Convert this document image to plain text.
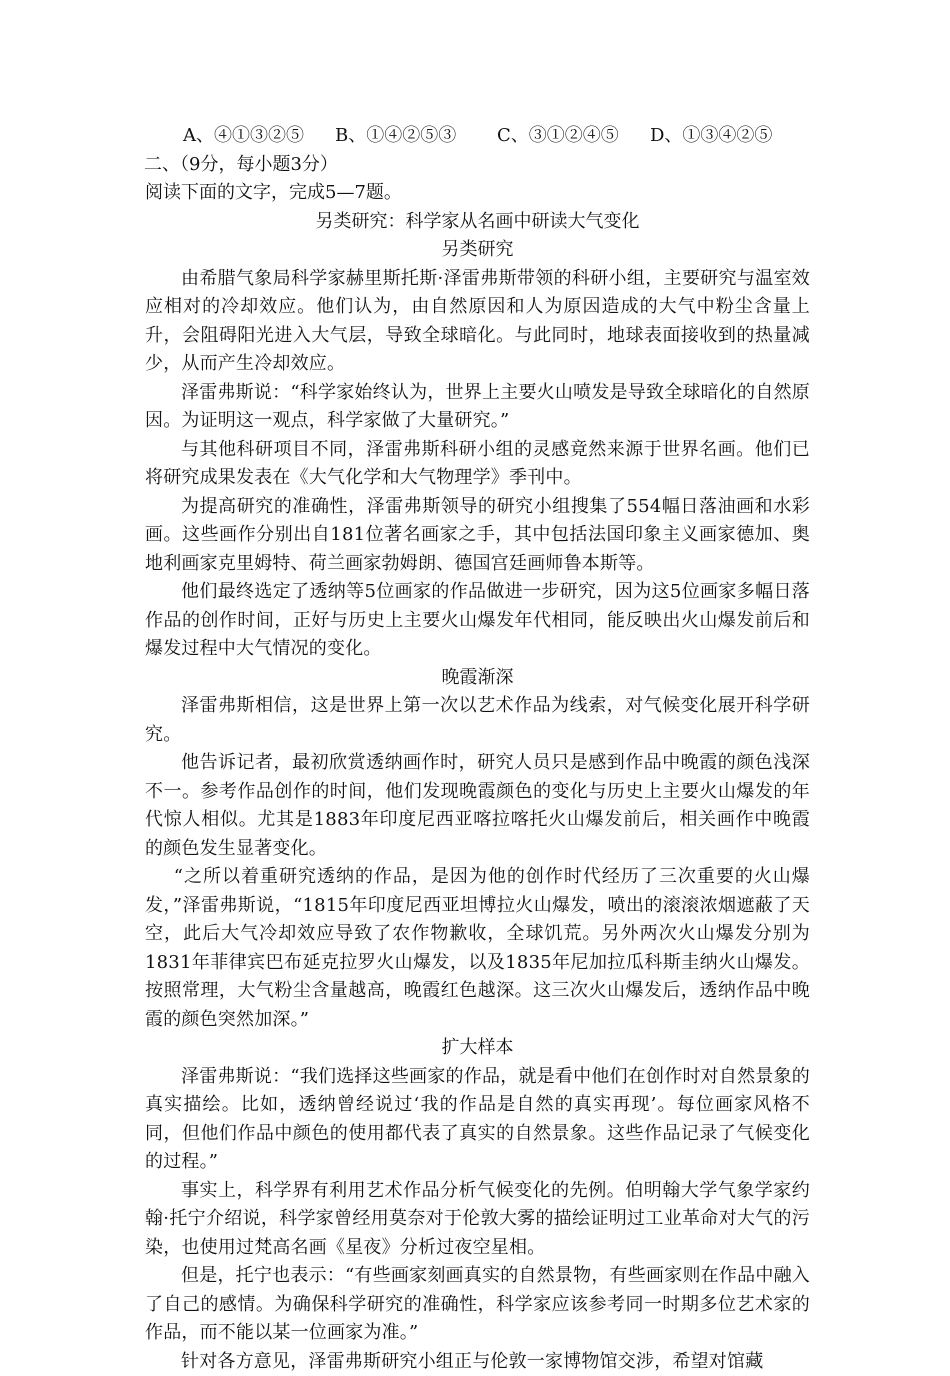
A、④①③②⑤ B、①④②⑤③ C、③①②④⑤ D、①③④②⑤
二、（9分，每小题3分）
阅读下面的文字，完成5—7题。
另类研究：科学家从名画中研读大气变化
另类研究

由希腊气象局科学家赫里斯托斯·泽雷弗斯带领的科研小组，主要研究与温室效应相对的冷却效应。他们认为，由自然原因和人为原因造成的大气中粉尘含量上升，会阻碍阳光进入大气层，导致全球暗化。与此同时，地球表面接收到的热量减少，从而产生冷却效应。

泽雷弗斯说：“科学家始终认为，世界上主要火山喷发是导致全球暗化的自然原因。为证明这一观点，科学家做了大量研究。”

与其他科研项目不同，泽雷弗斯科研小组的灵感竟然来源于世界名画。他们已将研究成果发表在《大气化学和大气物理学》季刊中。

为提高研究的准确性，泽雷弗斯领导的研究小组搜集了554幅日落油画和水彩画。这些画作分别出自181位著名画家之手，其中包括法国印象主义画家德加、奥地利画家克里姆特、荷兰画家勃姆朗、德国宫廷画师鲁本斯等。

他们最终选定了透纳等5位画家的作品做进一步研究，因为这5位画家多幅日落作品的创作时间，正好与历史上主要火山爆发年代相同，能反映出火山爆发前后和爆发过程中大气情况的变化。

晚霞渐深

泽雷弗斯相信，这是世界上第一次以艺术作品为线索，对气候变化展开科学研究。

他告诉记者，最初欣赏透纳画作时，研究人员只是感到作品中晚霞的颜色浅深不一。参考作品创作的时间，他们发现晚霞颜色的变化与历史上主要火山爆发的年代惊人相似。尤其是1883年印度尼西亚喀拉喀托火山爆发前后，相关画作中晚霞的颜色发生显著变化。

“之所以着重研究透纳的作品，是因为他的创作时代经历了三次重要的火山爆发，”泽雷弗斯说，“1815年印度尼西亚坦博拉火山爆发，喷出的滚滚浓烟遮蔽了天空，此后大气冷却效应导致了农作物歉收，全球饥荒。另外两次火山爆发分别为1831年菲律宾巴布延克拉罗火山爆发，以及1835年尼加拉瓜科斯圭纳火山爆发。按照常理，大气粉尘含量越高，晚霞红色越深。这三次火山爆发后，透纳作品中晚霞的颜色突然加深。”

扩大样本

泽雷弗斯说：“我们选择这些画家的作品，就是看中他们在创作时对自然景象的真实描绘。比如，透纳曾经说过‘我的作品是自然的真实再现’。每位画家风格不同，但他们作品中颜色的使用都代表了真实的自然景象。这些作品记录了气候变化的过程。”

事实上，科学界有利用艺术作品分析气候变化的先例。伯明翰大学气象学家约翰·托宁介绍说，科学家曾经用莫奈对于伦敦大雾的描绘证明过工业革命对大气的污染，也使用过梵高名画《星夜》分析过夜空星相。

但是，托宁也表示：“有些画家刻画真实的自然景物，有些画家则在作品中融入了自己的感情。为确保科学研究的准确性，科学家应该参考同一时期多位艺术家的作品，而不能以某一位画家为准。”

针对各方意见，泽雷弗斯研究小组正与伦敦一家博物馆交涉，希望对馆藏
